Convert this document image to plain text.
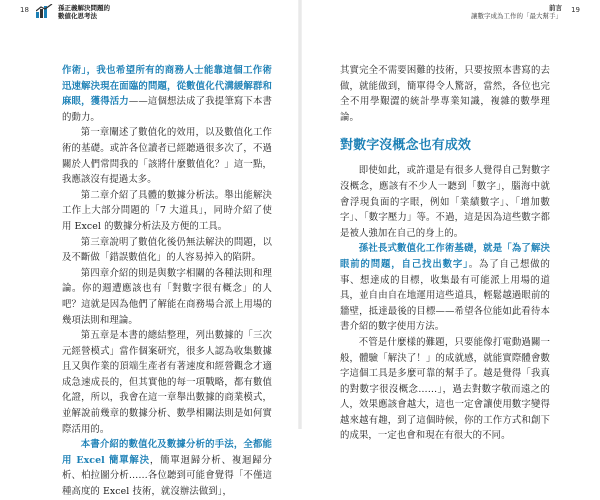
18	孫正義解決問題的
數値化思考法

作術」，我也希望所有的商務人士能靠這個工作術迅速解決現在面臨的問題，從數值化代溝緩解群和麻眼，獲得活力——這個想法成了我提筆寫下本書的動力。

第一章闡述了數值化的效用，以及數值化工作術的基礎。或許各位讀者已經聽過很多次了，不過關於人們常問我的「該將什麼數值化？」這一點，我應該沒有提過太多。

第二章介紹了具體的數據分析法。舉出能解決工作上大部分問題的「7 大道具」，同時介紹了使用 Excel 的數據分析法及方便的工具。

第三章說明了數值化後仍無法解決的問題，以及不斷做「錯誤數值化」的人容易掉入的陷阱。

第四章介紹的則是與數字相關的各種法則和理論。你的週遭應該也有「對數字很有概念」的人吧？這就是因為他們了解能在商務場合派上用場的幾項法則和理論。

第五章是本書的總結整理，列出數據的「三次元經營模式」當作個案研究，很多人認為收集數據且又與作業的頂端生產者有著速度和經營觀念才適成急速成長的，但其實他的每一項戰略，都有數值化證，所以，我會在這一章舉出數據的商業模式，並解說前幾章的數據分析、數學相關法則是如何實際活用的。

本書介紹的數值化及數據分析的手法，全都能用 Excel 簡單解決，簡單迴歸分析、複迴歸分析、柏拉圖分析……各位聽到可能會覺得「不僅這種高度的 Excel 技術，就沒辦法做到」，

19
前言
讓數字成為工作的「最大幫手」

其實完全不需要困難的技術，只要按照本書寫的去做，就能做到，簡單得令人驚訝，當然，各位也完全不用學艱澀的統計學專業知識，複雜的數學理論。

對數字沒概念也有成效

即使如此，或許還是有很多人覺得自己對數字沒概念，應該有不少人一聽到「數字」，腦海中就會浮現負面的字眼，例如「業績數字」、「增加數字」、「數字壓力」等。不過，這是因為這些數字都是被人強加在自己的身上的。

孫社長式數值化工作術基礎，就是「為了解決眼前的問題，自己找出數字」。為了自己想做的事、想達成的目標，收集最有可能派上用場的道具，並自由自在地運用這些道具，輕鬆越過眼前的牆壁，抵達最後的目標——希望各位能如此看待本書介紹的數字使用方法。

不管是什麼樣的難題，只要能像打電動過關一般，體驗「解決了！」的成就感，就能實際體會數字這個工具是多麼可靠的幫手了。越是覺得「我真的對數字很沒概念……」，過去對數字敬而遠之的人，效果應該會越大，這也一定會讓使用數字變得越來越有趣，到了這個時候，你的工作方式和創下的成果，一定也會和現在有很大的不同。
